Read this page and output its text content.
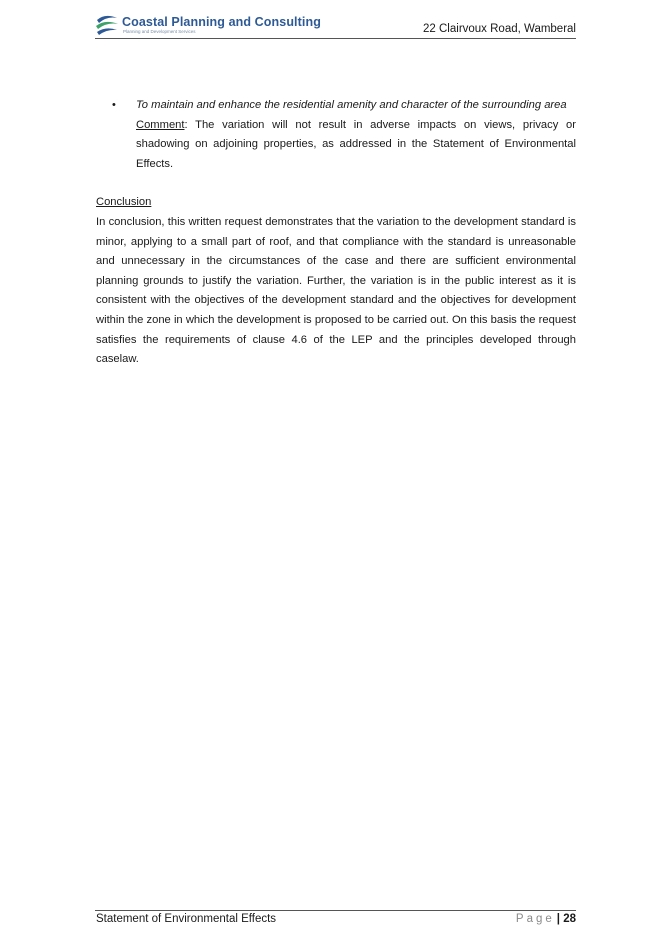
Coastal Planning and Consulting
Planning and Development Services	22 Clairvoux Road, Wamberal
• To maintain and enhance the residential amenity and character of the surrounding area

Comment: The variation will not result in adverse impacts on views, privacy or shadowing on adjoining properties, as addressed in the Statement of Environmental Effects.

Conclusion

In conclusion, this written request demonstrates that the variation to the development standard is minor, applying to a small part of roof, and that compliance with the standard is unreasonable and unnecessary in the circumstances of the case and there are sufficient environmental planning grounds to justify the variation. Further, the variation is in the public interest as it is consistent with the objectives of the development standard and the objectives for development within the zone in which the development is proposed to be carried out. On this basis the request satisfies the requirements of clause 4.6 of the LEP and the principles developed through caselaw.

Statement of Environmental Effects	Page | 28
